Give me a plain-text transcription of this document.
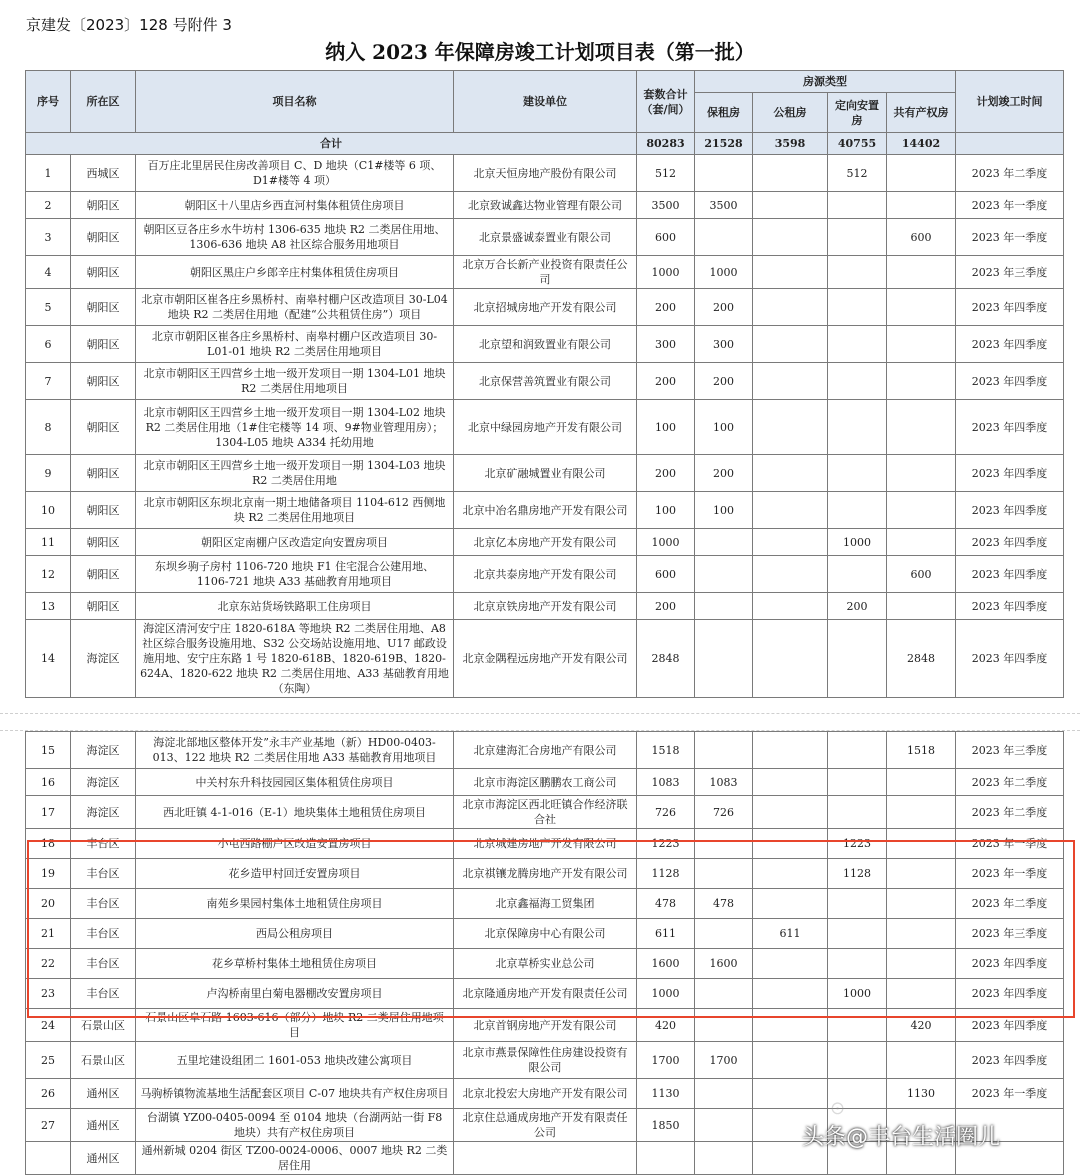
京建发〔2023〕128 号附件 3
纳入 2023 年保障房竣工计划项目表（第一批）
序号	所在区	项目名称	建设单位	套数合计（套/间）	房源类型				计划竣工时间
					保租房	公租房	定向安置房	共有产权房	
合计				80283	21528	3598	40755	14402	
1	西城区	百万庄北里居民住房改善项目 C、D 地块（C1#楼等 6 项、D1#楼等 4 项）	北京天恒房地产股份有限公司	512			512		2023 年二季度
2	朝阳区	朝阳区十八里店乡西直河村集体租赁住房项目	北京致诚鑫达物业管理有限公司	3500	3500				2023 年一季度
3	朝阳区	朝阳区豆各庄乡水牛坊村 1306-635 地块 R2 二类居住用地、1306-636 地块 A8 社区综合服务用地项目	北京景盛诚泰置业有限公司	600				600	2023 年一季度
4	朝阳区	朝阳区黑庄户乡郎辛庄村集体租赁住房项目	北京万合长新产业投资有限责任公司	1000	1000				2023 年三季度
5	朝阳区	北京市朝阳区崔各庄乡黑桥村、南皋村棚户区改造项目 30-L04 地块 R2 二类居住用地（配建“公共租赁住房”）项目	北京招城房地产开发有限公司	200	200				2023 年四季度
6	朝阳区	北京市朝阳区崔各庄乡黑桥村、南皋村棚户区改造项目 30-L01-01 地块 R2 二类居住用地项目	北京望和润致置业有限公司	300	300				2023 年四季度
7	朝阳区	北京市朝阳区王四营乡土地一级开发项目一期 1304-L01 地块 R2 二类居住用地项目	北京保营善筑置业有限公司	200	200				2023 年四季度
8	朝阳区	北京市朝阳区王四营乡土地一级开发项目一期 1304-L02 地块 R2 二类居住用地（1#住宅楼等 14 项、9#物业管理用房）；1304-L05 地块 A334 托幼用地	北京中绿园房地产开发有限公司	100	100				2023 年四季度
9	朝阳区	北京市朝阳区王四营乡土地一级开发项目一期 1304-L03 地块 R2 二类居住用地	北京矿融城置业有限公司	200	200				2023 年四季度
10	朝阳区	北京市朝阳区东坝北京南一期土地储备项目 1104-612 西侧地块 R2 二类居住用地项目	北京中冶名鼎房地产开发有限公司	100	100				2023 年四季度
11	朝阳区	朝阳区定南棚户区改造定向安置房项目	北京亿本房地产开发有限公司	1000			1000		2023 年四季度
12	朝阳区	东坝乡驹子房村 1106-720 地块 F1 住宅混合公建用地、1106-721 地块 A33 基础教育用地项目	北京共泰房地产开发有限公司	600				600	2023 年四季度
13	朝阳区	北京东站货场铁路职工住房项目	北京京铁房地产开发有限公司	200			200		2023 年四季度
14	海淀区	海淀区清河安宁庄 1820-618A 等地块 R2 二类居住用地、A8 社区综合服务设施用地、S32 公交场站设施用地、U17 邮政设施用地、安宁庄东路 1 号 1820-618B、1820-619B、1820-624A、1820-622 地块 R2 二类居住用地、A33 基础教育用地（东陶）	北京金隅程远房地产开发有限公司	2848				2848	2023 年四季度
15	海淀区	海淀北部地区整体开发”永丰产业基地（新）HD00-0403-013、122 地块 R2 二类居住用地 A33 基础教育用地项目	北京建海汇合房地产有限公司	1518				1518	2023 年三季度
16	海淀区	中关村东升科技园园区集体租赁住房项目	北京市海淀区鹏鹏农工商公司	1083	1083				2023 年二季度
17	海淀区	西北旺镇 4-1-016（E-1）地块集体土地租赁住房项目	北京市海淀区西北旺镇合作经济联合社	726	726				2023 年二季度
18	丰台区	小屯西路棚户区改造安置房项目	北京城建房地产开发有限公司	1223			1223		2023 年一季度
19	丰台区	花乡造甲村回迁安置房项目	北京祺镶龙腾房地产开发有限公司	1128			1128		2023 年一季度
20	丰台区	南苑乡果园村集体土地租赁住房项目	北京鑫福海工贸集团	478	478				2023 年二季度
21	丰台区	西局公租房项目	北京保障房中心有限公司	611		611			2023 年三季度
22	丰台区	花乡草桥村集体土地租赁住房项目	北京草桥实业总公司	1600	1600				2023 年四季度
23	丰台区	卢沟桥南里白菊电器棚改安置房项目	北京隆通房地产开发有限责任公司	1000			1000		2023 年四季度
24	石景山区	石景山区阜石路 1603-616（部分）地块 R2 二类居住用地项目	北京首钢房地产开发有限公司	420				420	2023 年四季度
25	石景山区	五里坨建设组团二 1601-053 地块改建公寓项目	北京市燕景保障性住房建设投资有限公司	1700	1700				2023 年四季度
26	通州区	马驹桥镇物流基地生活配套区项目 C-07 地块共有产权住房项目	北京北投宏大房地产开发有限公司	1130				1130	2023 年一季度
27	通州区	台湖镇 YZ00-0405-0094 至 0104 地块（台湖两站一街 F8 地块）共有产权住房项目	北京住总通成房地产开发有限责任公司	1850					
	通州区	通州新城 0204 街区 TZ00-0024-0006、0007 地块 R2 二类居住用							
⊙
头条@丰台生活圈儿
